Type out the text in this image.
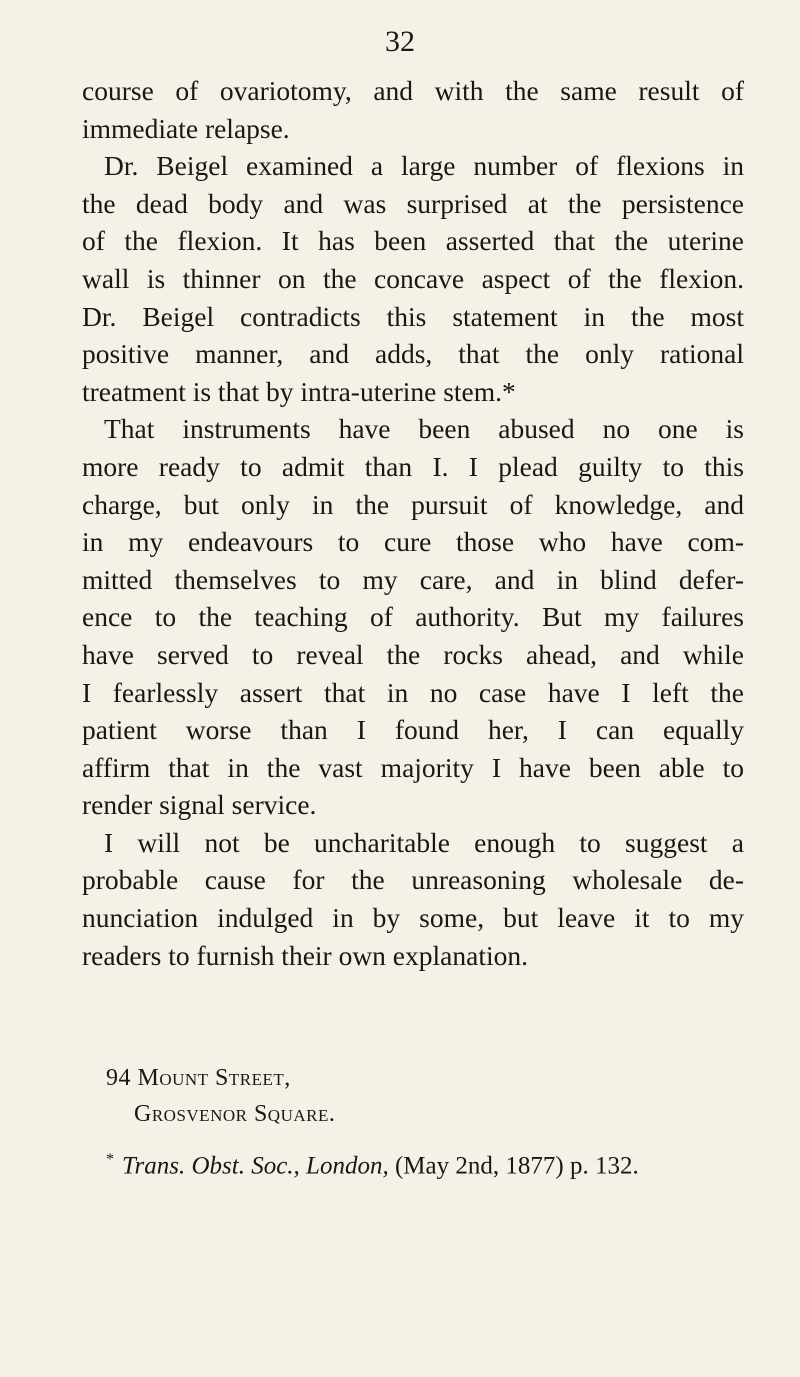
32
course of ovariotomy, and with the same result of
immediate relapse.
Dr. Beigel examined a large number of flexions in
the dead body and was surprised at the persistence
of the flexion. It has been asserted that the uterine
wall is thinner on the concave aspect of the flexion.
Dr. Beigel contradicts this statement in the most
positive manner, and adds, that the only rational
treatment is that by intra-uterine stem.*
That instruments have been abused no one is
more ready to admit than I. I plead guilty to this
charge, but only in the pursuit of knowledge, and
in my endeavours to cure those who have com-
mitted themselves to my care, and in blind defer-
ence to the teaching of authority. But my failures
have served to reveal the rocks ahead, and while
I fearlessly assert that in no case have I left the
patient worse than I found her, I can equally
affirm that in the vast majority I have been able to
render signal service.
I will not be uncharitable enough to suggest a
probable cause for the unreasoning wholesale de-
nunciation indulged in by some, but leave it to my
readers to furnish their own explanation.
94 Mount Street,
Grosvenor Square.
* Trans. Obst. Soc., London, (May 2nd, 1877) p. 132.
